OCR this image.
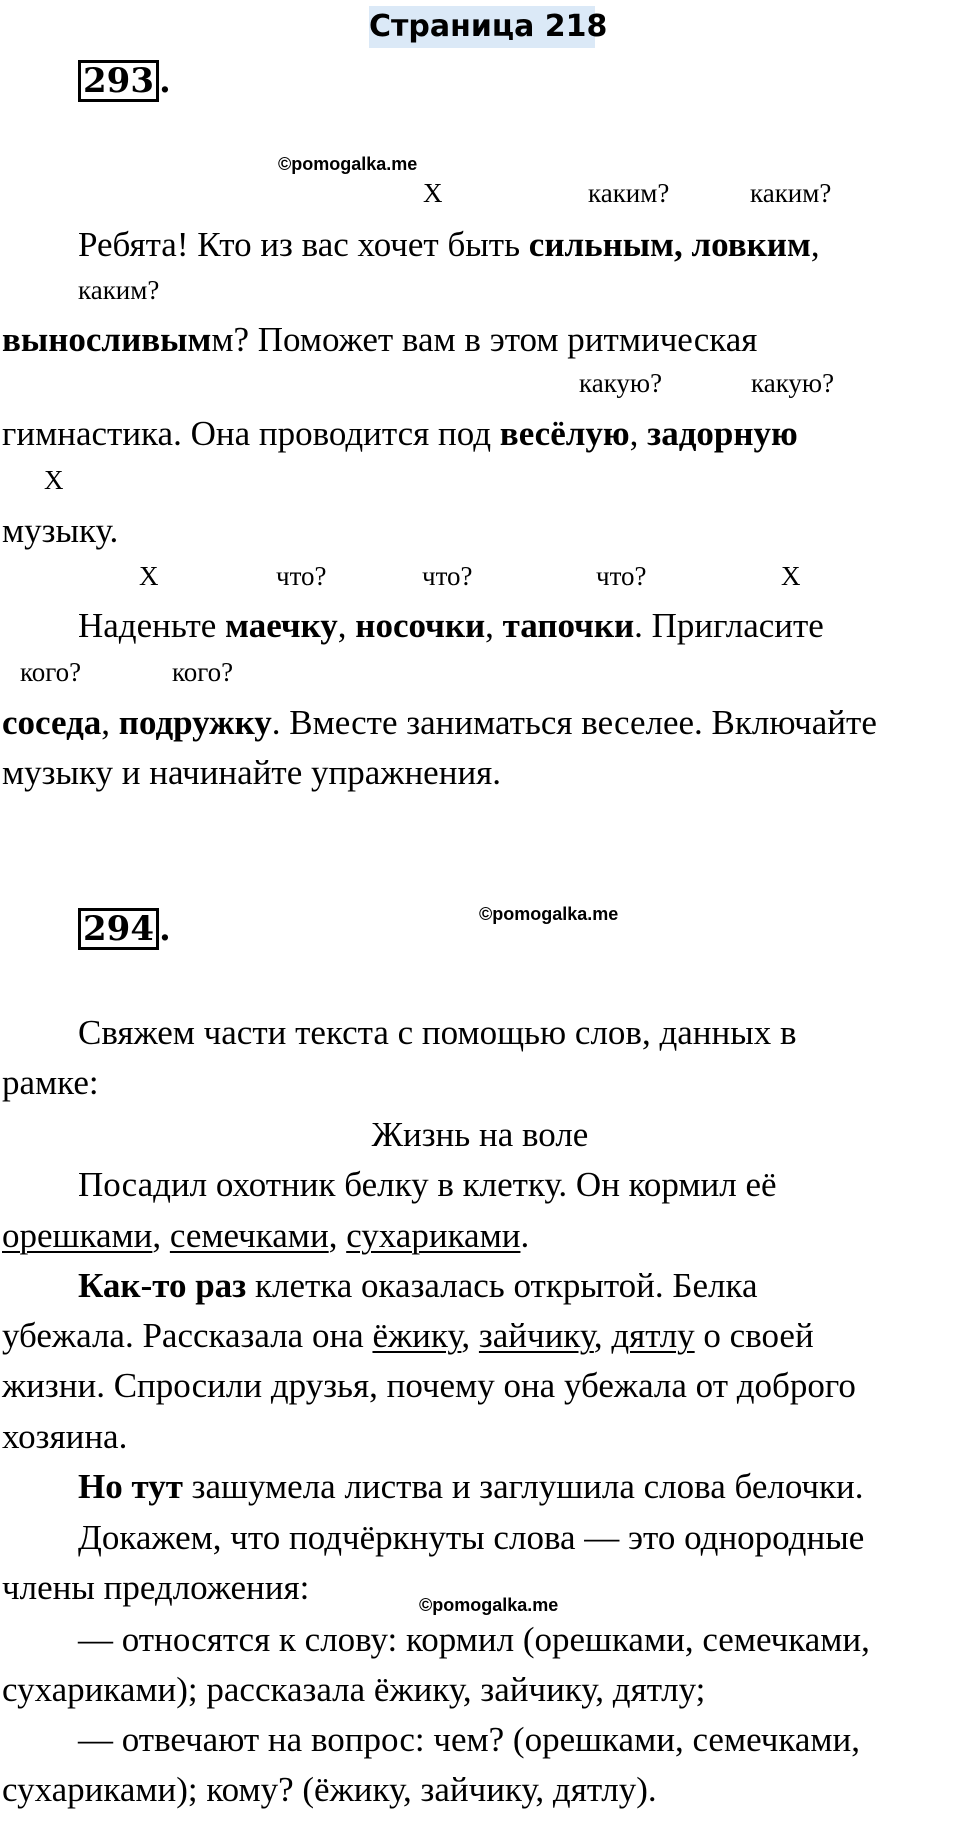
Страница 218
293 .
©pomogalka.me
Х	каким?	каким?
Ребята! Кто из вас хочет быть сильным, ловким,
каким?
выносливымм? Поможет вам в этом ритмическая
какую?	какую?
гимнастика. Она проводится под весёлую, задорную
Х
музыку.
Х	что?	что?	что?	Х
Наденьте маечку, носочки, тапочки. Пригласите
кого?	кого?
соседа, подружку. Вместе заниматься веселее. Включайте
музыку и начинайте упражнения.
294 .	©pomogalka.me
Свяжем части текста с помощью слов, данных в
рамке:
Жизнь на воле
Посадил охотник белку в клетку. Он кормил её
орешками, семечками, сухариками.
Как-то раз клетка оказалась открытой. Белка
убежала. Рассказала она ёжику, зайчику, дятлу о своей
жизни. Спросили друзья, почему она убежала от доброго
хозяина.
Но тут зашумела листва и заглушила слова белочки.
Докажем, что подчёркнуты слова — это однородные
члены предложения:	©pomogalka.me
— относятся к слову: кормил (орешками, семечками,
сухариками); рассказала ёжику, зайчику, дятлу;
— отвечают на вопрос: чем? (орешками, семечками,
сухариками); кому? (ёжику, зайчику, дятлу).
